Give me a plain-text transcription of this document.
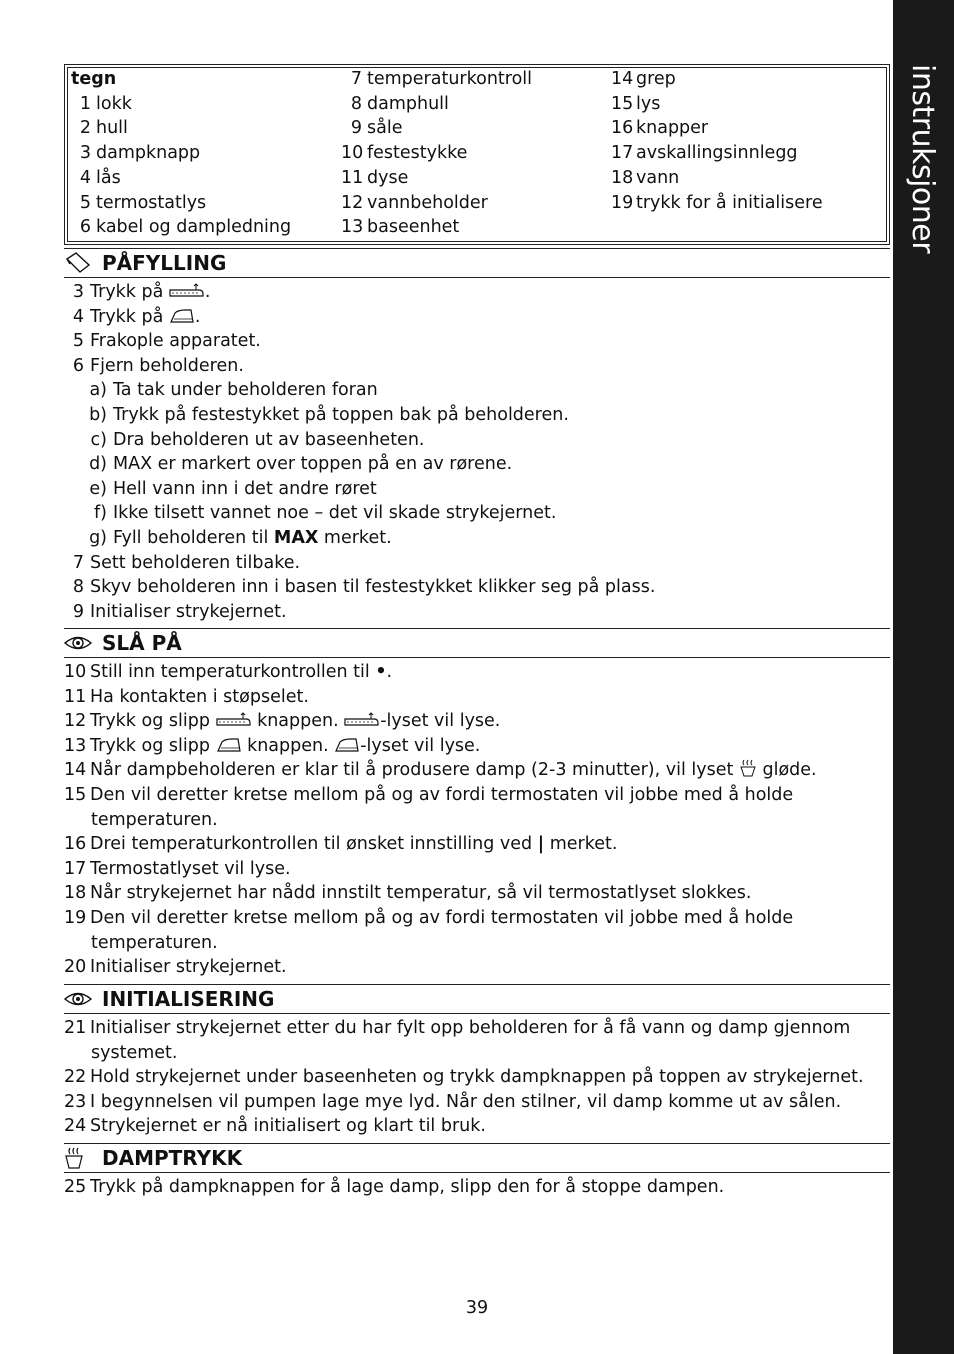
instruksjoner
tegn
1 lokk
2 hull
3 dampknapp
4 lås
5 termostatlys
6 kabel og dampledning
7 temperaturkontroll
8 damphull
9 såle
10 festestykke
11 dyse
12 vannbeholder
13 baseenhet
14 grep
15 lys
16 knapper
17 avskallingsinnlegg
18 vann
19 trykk for å initialisere
PÅFYLLING
3 Trykk på .
4 Trykk på .
5 Frakople apparatet.
6 Fjern beholderen.
a) Ta tak under beholderen foran
b) Trykk på festestykket på toppen bak på beholderen.
c) Dra beholderen ut av baseenheten.
d) MAX er markert over toppen på en av rørene.
e) Hell vann inn i det andre røret
f) Ikke tilsett vannet noe – det vil skade strykejernet.
g) Fyll beholderen til MAX merket.
7 Sett beholderen tilbake.
8 Skyv beholderen inn i basen til festestykket klikker seg på plass.
9 Initialiser strykejernet.
SLÅ PÅ
10 Still inn temperaturkontrollen til •.
11 Ha kontakten i støpselet.
12 Trykk og slipp  knappen. -lyset vil lyse.
13 Trykk og slipp  knappen. -lyset vil lyse.
14 Når dampbeholderen er klar til å produsere damp (2-3 minutter), vil lyset  gløde.
15 Den vil deretter kretse mellom på og av fordi termostaten vil jobbe med å holde
temperaturen.
16 Drei temperaturkontrollen til ønsket innstilling ved | merket.
17 Termostatlyset vil lyse.
18 Når strykejernet har nådd innstilt temperatur, så vil termostatlyset slokkes.
19 Den vil deretter kretse mellom på og av fordi termostaten vil jobbe med å holde
temperaturen.
20 Initialiser strykejernet.
INITIALISERING
21 Initialiser strykejernet etter du har fylt opp beholderen for å få vann og damp gjennom
systemet.
22 Hold strykejernet under baseenheten og trykk dampknappen på toppen av strykejernet.
23 I begynnelsen vil pumpen lage mye lyd. Når den stilner, vil damp komme ut av sålen.
24 Strykejernet er nå initialisert og klart til bruk.
DAMPTRYKK
25 Trykk på dampknappen for å lage damp, slipp den for å stoppe dampen.
39
